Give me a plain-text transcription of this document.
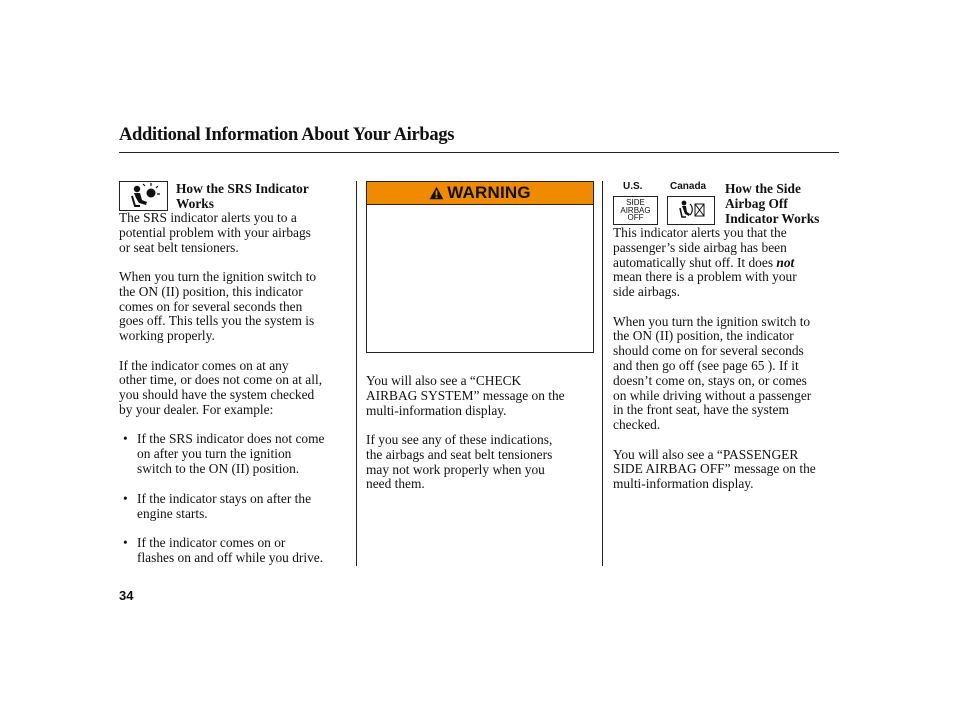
Additional Information About Your Airbags
How the SRS Indicator
Works
The SRS indicator alerts you to a
potential problem with your airbags
or seat belt tensioners.
When you turn the ignition switch to
the ON (II) position, this indicator
comes on for several seconds then
goes off. This tells you the system is
working properly.
If the indicator comes on at any
other time, or does not come on at all,
you should have the system checked
by your dealer. For example:
• If the SRS indicator does not come
on after you turn the ignition
switch to the ON (II) position.
• If the indicator stays on after the
engine starts.
• If the indicator comes on or
flashes on and off while you drive.
WARNING
You will also see a “CHECK
AIRBAG SYSTEM” message on the
multi-information display.
If you see any of these indications,
the airbags and seat belt tensioners
may not work properly when you
need them.
U.S.	Canada
SIDE
AIRBAG
OFF
How the Side
Airbag Off
Indicator Works
This indicator alerts you that the
passenger’s side airbag has been
automatically shut off. It does not
mean there is a problem with your
side airbags.
When you turn the ignition switch to
the ON (II) position, the indicator
should come on for several seconds
and then go off (see page 65 ). If it
doesn’t come on, stays on, or comes
on while driving without a passenger
in the front seat, have the system
checked.
You will also see a “PASSENGER
SIDE AIRBAG OFF” message on the
multi-information display.
34
